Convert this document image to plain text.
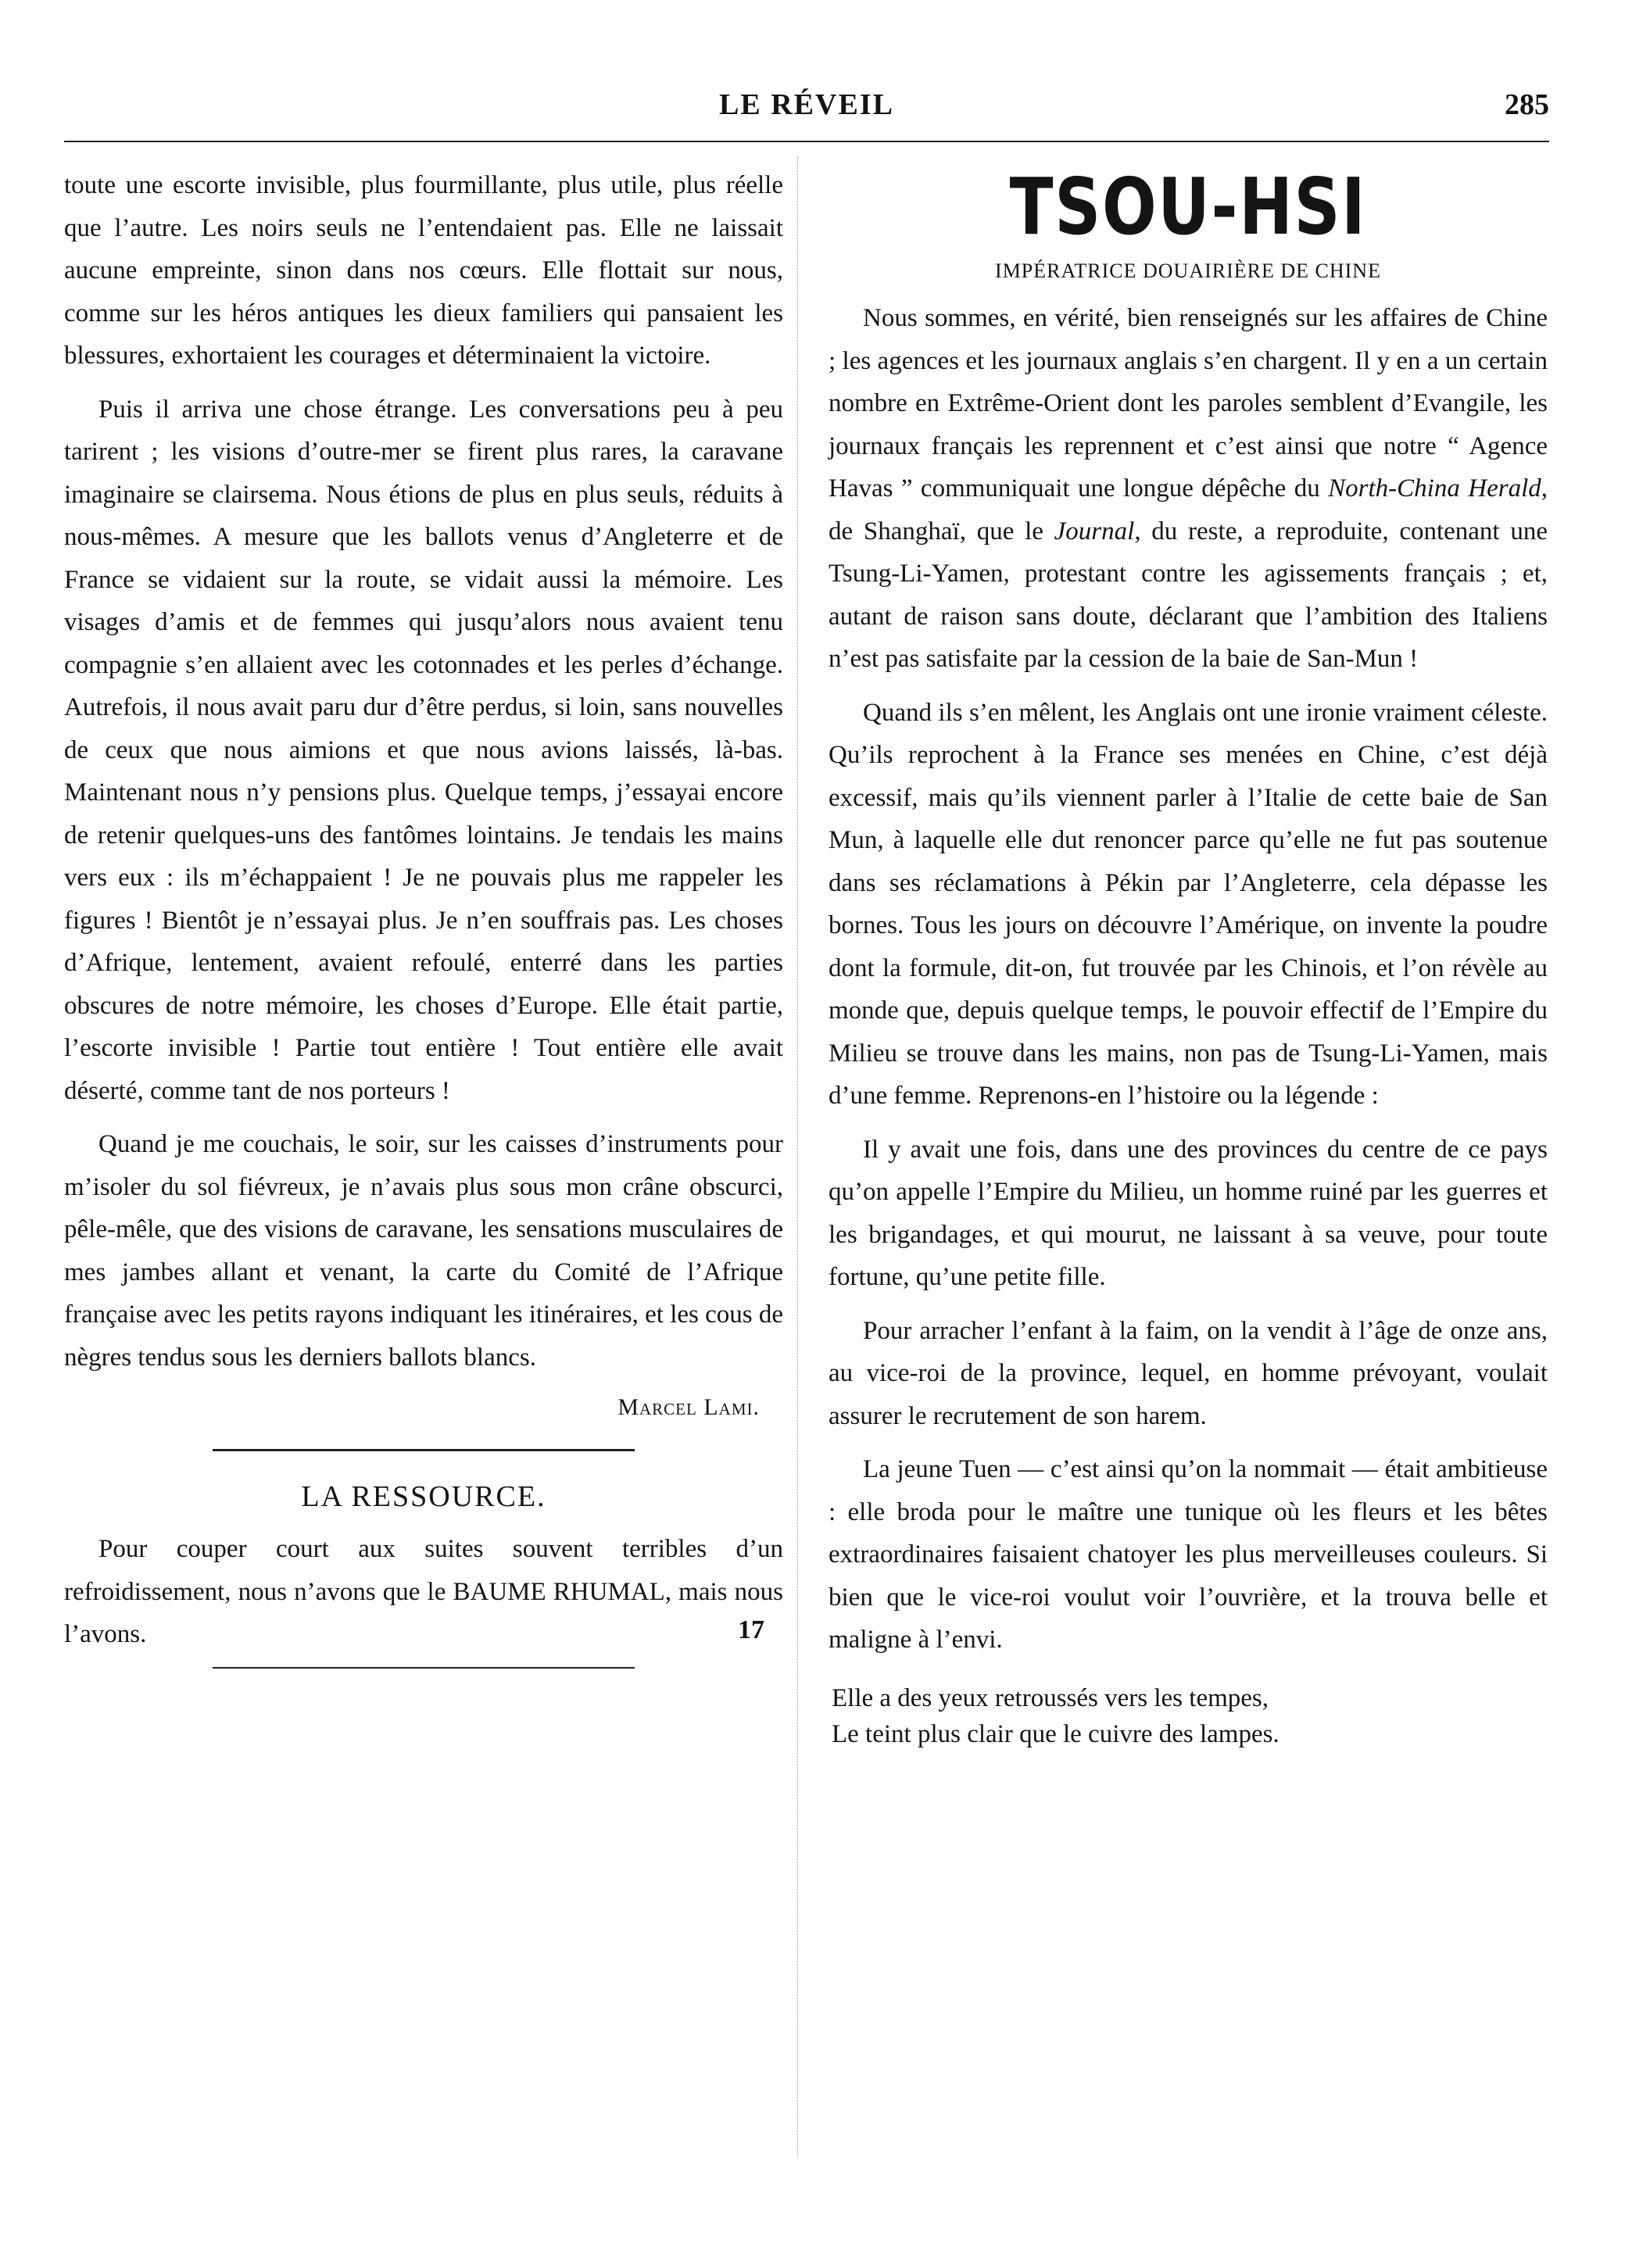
LE RÉVEIL	285

toute une escorte invisible, plus fourmillante, plus utile, plus réelle que l’autre. Les noirs seuls ne l’entendaient pas. Elle ne laissait aucune empreinte, sinon dans nos cœurs. Elle flottait sur nous, comme sur les héros antiques les dieux familiers qui pansaient les blessures, exhortaient les courages et déterminaient la victoire.

Puis il arriva une chose étrange. Les conversations peu à peu tarirent ; les visions d’outre-mer se firent plus rares, la caravane imaginaire se clairsema. Nous étions de plus en plus seuls, réduits à nous-mêmes. A mesure que les ballots venus d’Angleterre et de France se vidaient sur la route, se vidait aussi la mémoire. Les visages d’amis et de femmes qui jusqu’alors nous avaient tenu compagnie s’en allaient avec les cotonnades et les perles d’échange. Autrefois, il nous avait paru dur d’être perdus, si loin, sans nouvelles de ceux que nous aimions et que nous avions laissés, là-bas. Maintenant nous n’y pensions plus. Quelque temps, j’essayai encore de retenir quelques-uns des fantômes lointains. Je tendais les mains vers eux : ils m’échappaient ! Je ne pouvais plus me rappeler les figures ! Bientôt je n’essayai plus. Je n’en souffrais pas. Les choses d’Afrique, lentement, avaient refoulé, enterré dans les parties obscures de notre mémoire, les choses d’Europe. Elle était partie, l’escorte invisible ! Partie tout entière ! Tout entière elle avait déserté, comme tant de nos porteurs !

Quand je me couchais, le soir, sur les caisses d’instruments pour m’isoler du sol fiévreux, je n’avais plus sous mon crâne obscurci, pêle-mêle, que des visions de caravane, les sensations musculaires de mes jambes allant et venant, la carte du Comité de l’Afrique française avec les petits rayons indiquant les itinéraires, et les cous de nègres tendus sous les derniers ballots blancs.

Marcel Lami.
LA RESSOURCE.

Pour couper court aux suites souvent terribles d’un refroidissement, nous n’avons que le BAUME RHUMAL, mais nous l’avons.	17
TSOU-HSI
IMPÉRATRICE DOUAIRIÈRE DE CHINE

Nous sommes, en vérité, bien renseignés sur les affaires de Chine ; les agences et les journaux anglais s’en chargent. Il y en a un certain nombre en Extrême-Orient dont les paroles semblent d’Evangile, les journaux français les reprennent et c’est ainsi que notre “ Agence Havas ” communiquait une longue dépêche du North-China Herald, de Shanghaï, que le Journal, du reste, a reproduite, contenant une Tsung-Li-Yamen, protestant contre les agissements français ; et, autant de raison sans doute, déclarant que l’ambition des Italiens n’est pas satisfaite par la cession de la baie de San-Mun !

Quand ils s’en mêlent, les Anglais ont une ironie vraiment céleste. Qu’ils reprochent à la France ses menées en Chine, c’est déjà excessif, mais qu’ils viennent parler à l’Italie de cette baie de San Mun, à laquelle elle dut renoncer parce qu’elle ne fut pas soutenue dans ses réclamations à Pékin par l’Angleterre, cela dépasse les bornes. Tous les jours on découvre l’Amérique, on invente la poudre dont la formule, dit-on, fut trouvée par les Chinois, et l’on révèle au monde que, depuis quelque temps, le pouvoir effectif de l’Empire du Milieu se trouve dans les mains, non pas de Tsung-Li-Yamen, mais d’une femme. Reprenons-en l’histoire ou la légende :

Il y avait une fois, dans une des provinces du centre de ce pays qu’on appelle l’Empire du Milieu, un homme ruiné par les guerres et les brigandages, et qui mourut, ne laissant à sa veuve, pour toute fortune, qu’une petite fille.

Pour arracher l’enfant à la faim, on la vendit à l’âge de onze ans, au vice-roi de la province, lequel, en homme prévoyant, voulait assurer le recrutement de son harem.

La jeune Tuen — c’est ainsi qu’on la nommait — était ambitieuse : elle broda pour le maître une tunique où les fleurs et les bêtes extraordinaires faisaient chatoyer les plus merveilleuses couleurs. Si bien que le vice-roi voulut voir l’ouvrière, et la trouva belle et maligne à l’envi.

Elle a des yeux retroussés vers les tempes,
Le teint plus clair que le cuivre des lampes.
